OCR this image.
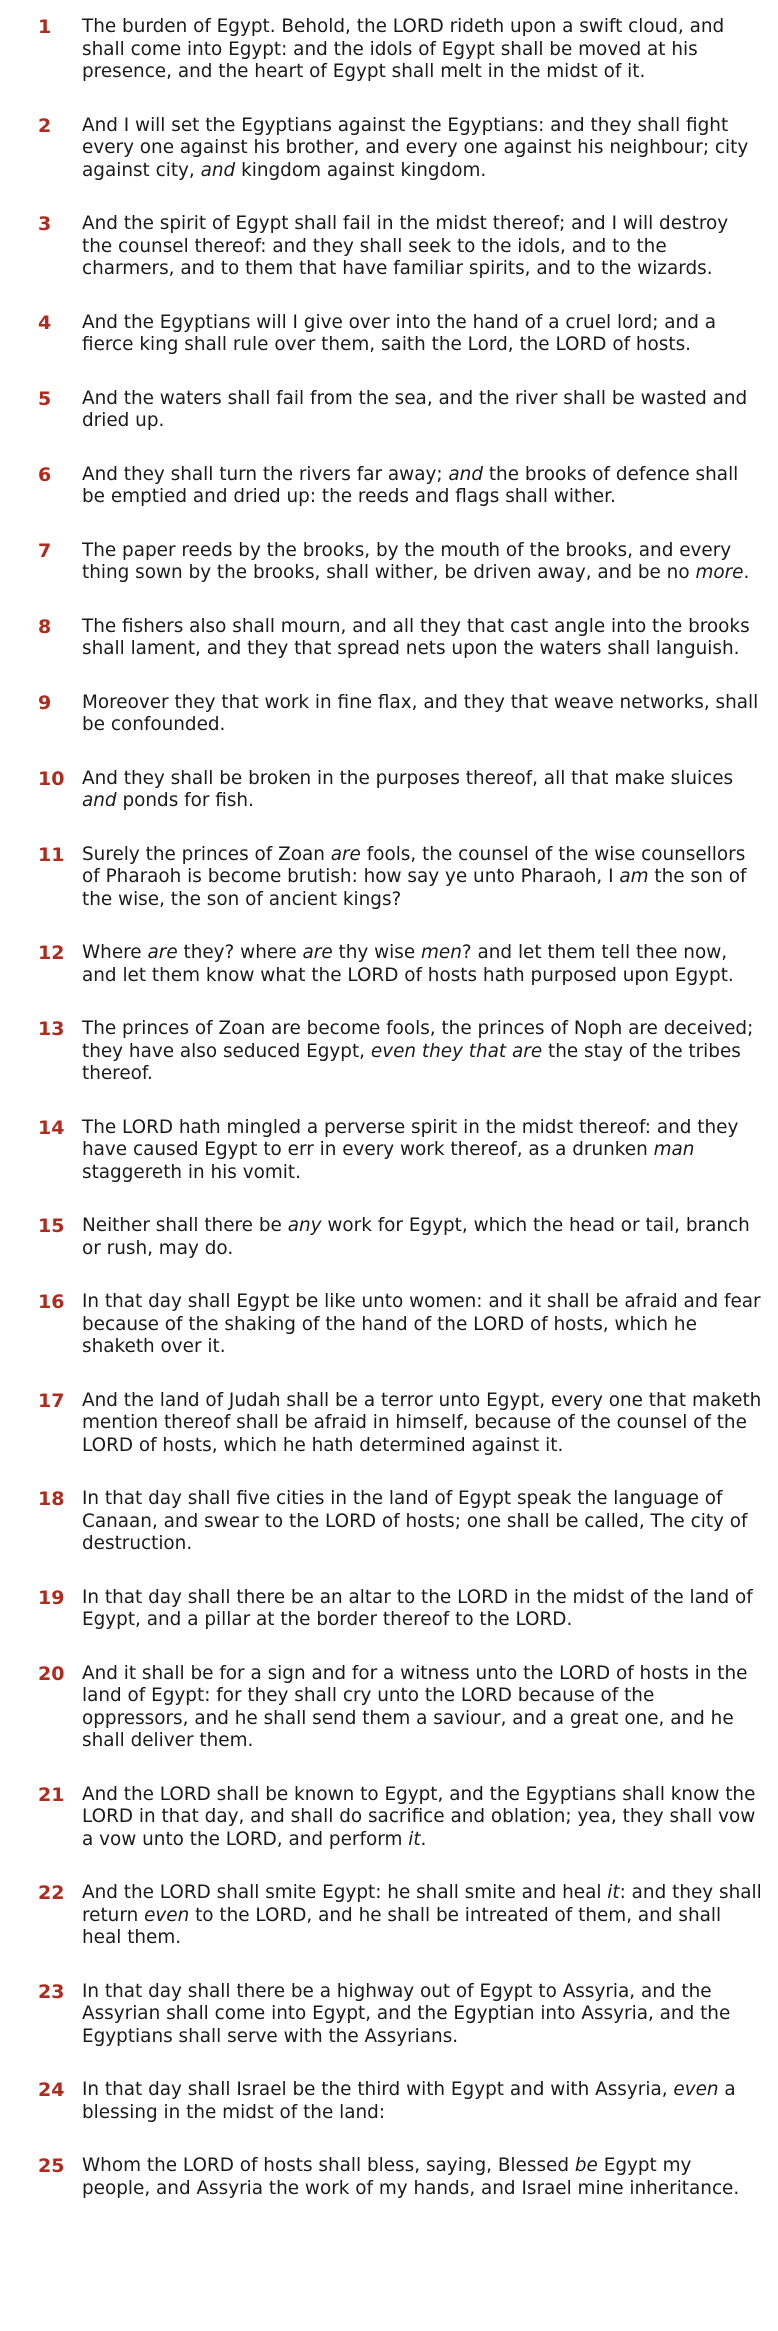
1	The burden of Egypt. Behold, the LORD rideth upon a swift cloud, and shall come into Egypt: and the idols of Egypt shall be moved at his presence, and the heart of Egypt shall melt in the midst of it.
2	And I will set the Egyptians against the Egyptians: and they shall fight every one against his brother, and every one against his neighbour; city against city, and kingdom against kingdom.
3	And the spirit of Egypt shall fail in the midst thereof; and I will destroy the counsel thereof: and they shall seek to the idols, and to the charmers, and to them that have familiar spirits, and to the wizards.
4	And the Egyptians will I give over into the hand of a cruel lord; and a fierce king shall rule over them, saith the Lord, the LORD of hosts.
5	And the waters shall fail from the sea, and the river shall be wasted and dried up.
6	And they shall turn the rivers far away; and the brooks of defence shall be emptied and dried up: the reeds and flags shall wither.
7	The paper reeds by the brooks, by the mouth of the brooks, and every thing sown by the brooks, shall wither, be driven away, and be no more.
8	The fishers also shall mourn, and all they that cast angle into the brooks shall lament, and they that spread nets upon the waters shall languish.
9	Moreover they that work in fine flax, and they that weave networks, shall be confounded.
10 And they shall be broken in the purposes thereof, all that make sluices and ponds for fish.
11 Surely the princes of Zoan are fools, the counsel of the wise counsellors of Pharaoh is become brutish: how say ye unto Pharaoh, I am the son of the wise, the son of ancient kings?
12 Where are they? where are thy wise men? and let them tell thee now, and let them know what the LORD of hosts hath purposed upon Egypt.
13 The princes of Zoan are become fools, the princes of Noph are deceived; they have also seduced Egypt, even they that are the stay of the tribes thereof.
14 The LORD hath mingled a perverse spirit in the midst thereof: and they have caused Egypt to err in every work thereof, as a drunken man staggereth in his vomit.
15 Neither shall there be any work for Egypt, which the head or tail, branch or rush, may do.
16 In that day shall Egypt be like unto women: and it shall be afraid and fear because of the shaking of the hand of the LORD of hosts, which he shaketh over it.
17 And the land of Judah shall be a terror unto Egypt, every one that maketh mention thereof shall be afraid in himself, because of the counsel of the LORD of hosts, which he hath determined against it.
18 In that day shall five cities in the land of Egypt speak the language of Canaan, and swear to the LORD of hosts; one shall be called, The city of destruction.
19 In that day shall there be an altar to the LORD in the midst of the land of Egypt, and a pillar at the border thereof to the LORD.
20 And it shall be for a sign and for a witness unto the LORD of hosts in the land of Egypt: for they shall cry unto the LORD because of the oppressors, and he shall send them a saviour, and a great one, and he shall deliver them.
21 And the LORD shall be known to Egypt, and the Egyptians shall know the LORD in that day, and shall do sacrifice and oblation; yea, they shall vow a vow unto the LORD, and perform it.
22 And the LORD shall smite Egypt: he shall smite and heal it: and they shall return even to the LORD, and he shall be intreated of them, and shall heal them.
23 In that day shall there be a highway out of Egypt to Assyria, and the Assyrian shall come into Egypt, and the Egyptian into Assyria, and the Egyptians shall serve with the Assyrians.
24 In that day shall Israel be the third with Egypt and with Assyria, even a blessing in the midst of the land:
25 Whom the LORD of hosts shall bless, saying, Blessed be Egypt my people, and Assyria the work of my hands, and Israel mine inheritance.
